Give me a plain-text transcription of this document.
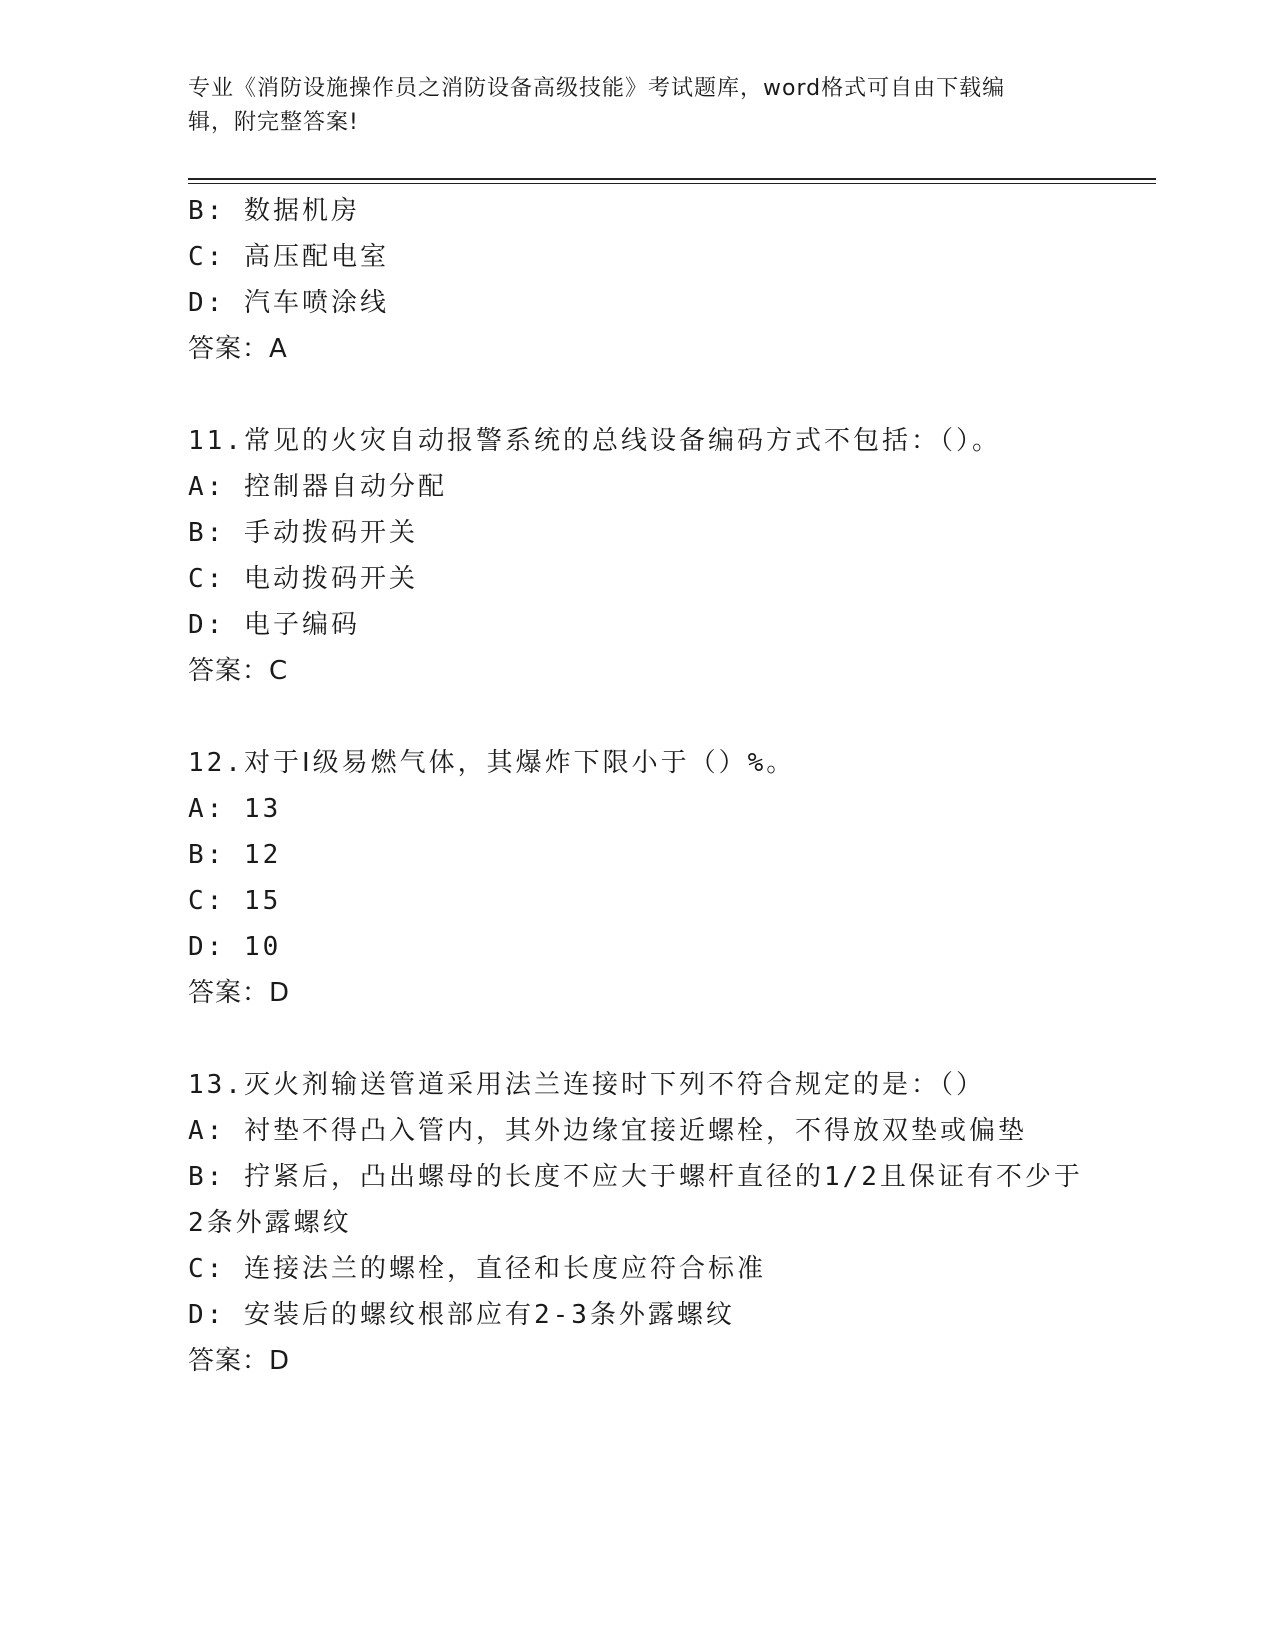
专业《消防设施操作员之消防设备高级技能》考试题库，word格式可自由下载编
辑，附完整答案!
B: 数据机房
C: 高压配电室
D: 汽车喷涂线
答案：A
11.常见的火灾自动报警系统的总线设备编码方式不包括：（）。
A: 控制器自动分配
B: 手动拨码开关
C: 电动拨码开关
D: 电子编码
答案：C
12.对于Ⅰ级易燃气体，其爆炸下限小于（）%。
A: 13
B: 12
C: 15
D: 10
答案：D
13.灭火剂输送管道采用法兰连接时下列不符合规定的是：（）
A: 衬垫不得凸入管内，其外边缘宜接近螺栓，不得放双垫或偏垫
B: 拧紧后，凸出螺母的长度不应大于螺杆直径的1/2且保证有不少于
2条外露螺纹
C: 连接法兰的螺栓，直径和长度应符合标准
D: 安装后的螺纹根部应有2-3条外露螺纹
答案：D
